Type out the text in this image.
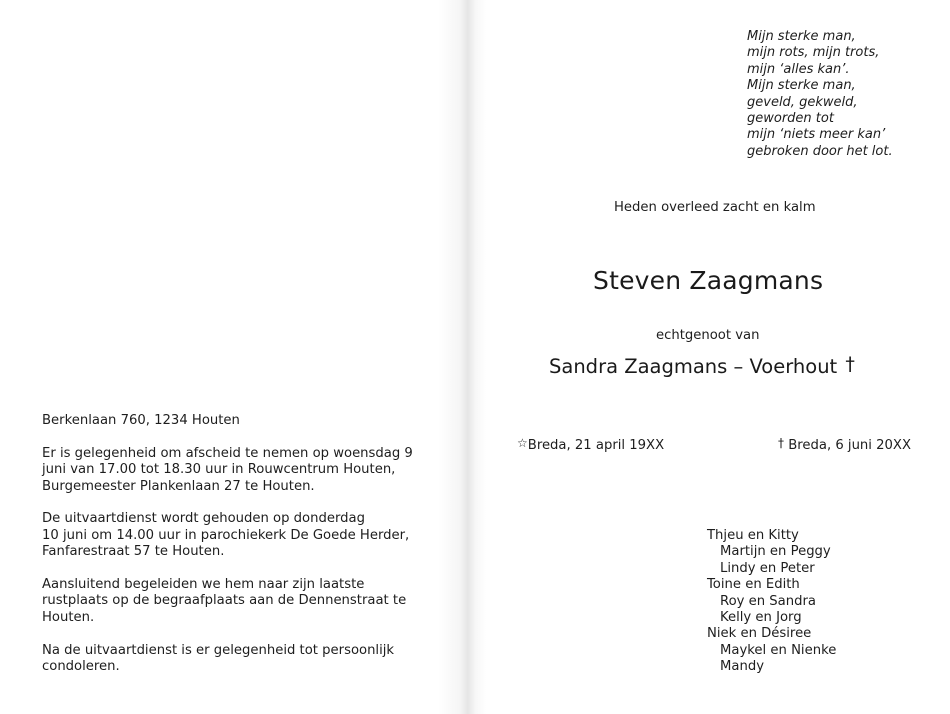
Berkenlaan 760, 1234 Houten

Er is gelegenheid om afscheid te nemen op woensdag 9
juni van 17.00 tot 18.30 uur in Rouwcentrum Houten,
Burgemeester Plankenlaan 27 te Houten.

De uitvaartdienst wordt gehouden op donderdag
10 juni om 14.00 uur in parochiekerk De Goede Herder,
Fanfarestraat 57 te Houten.

Aansluitend begeleiden we hem naar zijn laatste
rustplaats op de begraafplaats aan de Dennenstraat te
Houten.

Na de uitvaartdienst is er gelegenheid tot persoonlijk
condoleren.

Mijn sterke man,
mijn rots, mijn trots,
mijn ‘alles kan’.
Mijn sterke man,
geveld, gekweld,
geworden tot
mijn ‘niets meer kan’
gebroken door het lot.
Heden overleed zacht en kalm
Steven Zaagmans
echtgenoot van
Sandra Zaagmans – Voerhout †
☆Breda, 21 april 19XX	† Breda, 6 juni 20XX
Thjeu en Kitty
Martijn en Peggy
Lindy en Peter
Toine en Edith
Roy en Sandra
Kelly en Jorg
Niek en Désiree
Maykel en Nienke
Mandy
